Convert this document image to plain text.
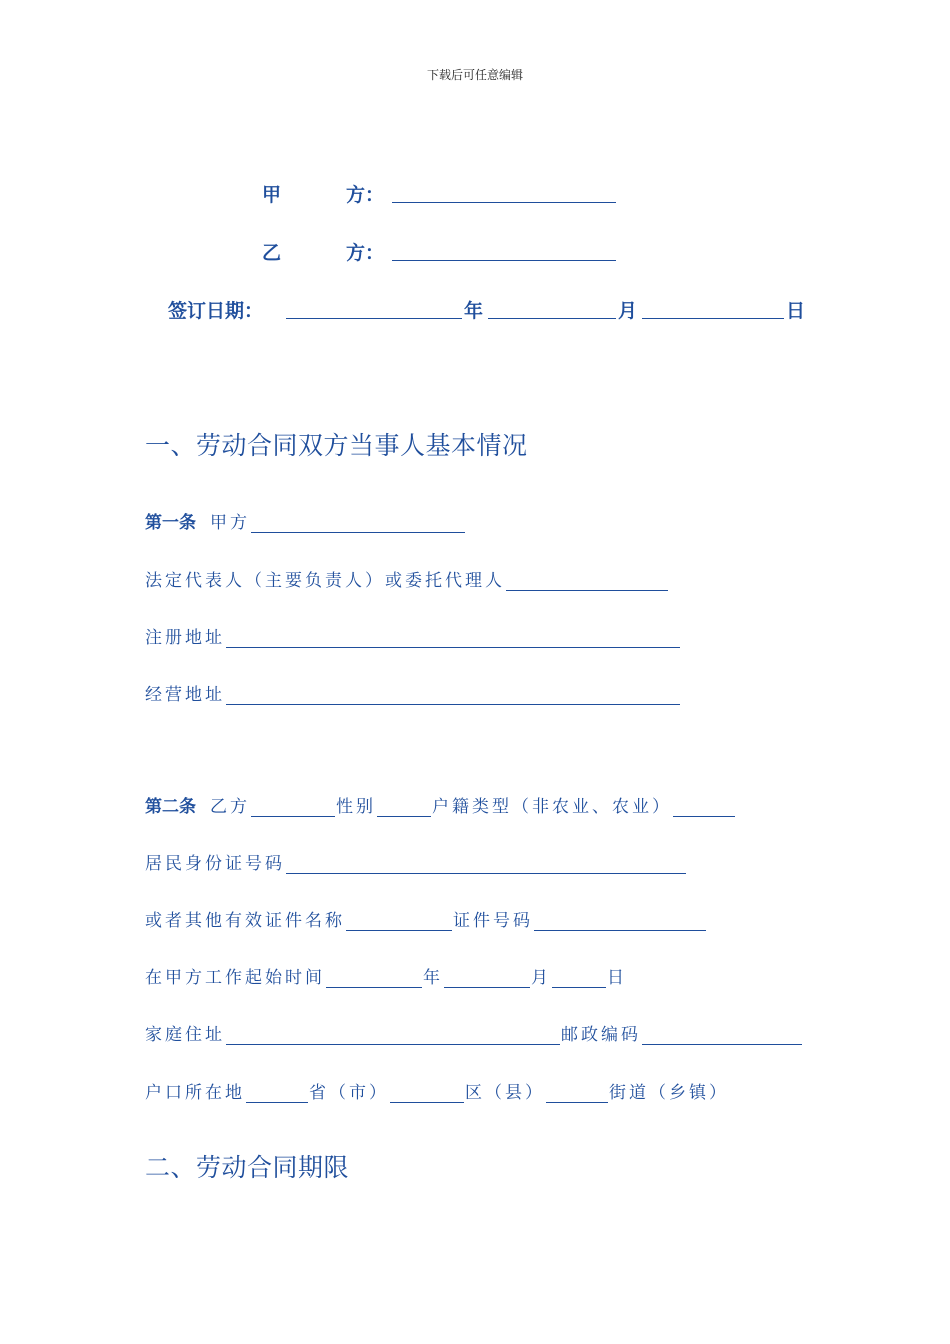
下载后可任意编辑
甲	方：
乙	方：
签订日期：	年	月	日
一、劳动合同双方当事人基本情况
第一条 甲方
法定代表人（主要负责人）或委托代理人
注册地址
经营地址
第二条 乙方	性别	户籍类型（非农业、农业）
居民身份证号码
或者其他有效证件名称	证件号码
在甲方工作起始时间	年	月	日
家庭住址	邮政编码
户口所在地	省（市）	区（县）	街道（乡镇）
二、劳动合同期限
